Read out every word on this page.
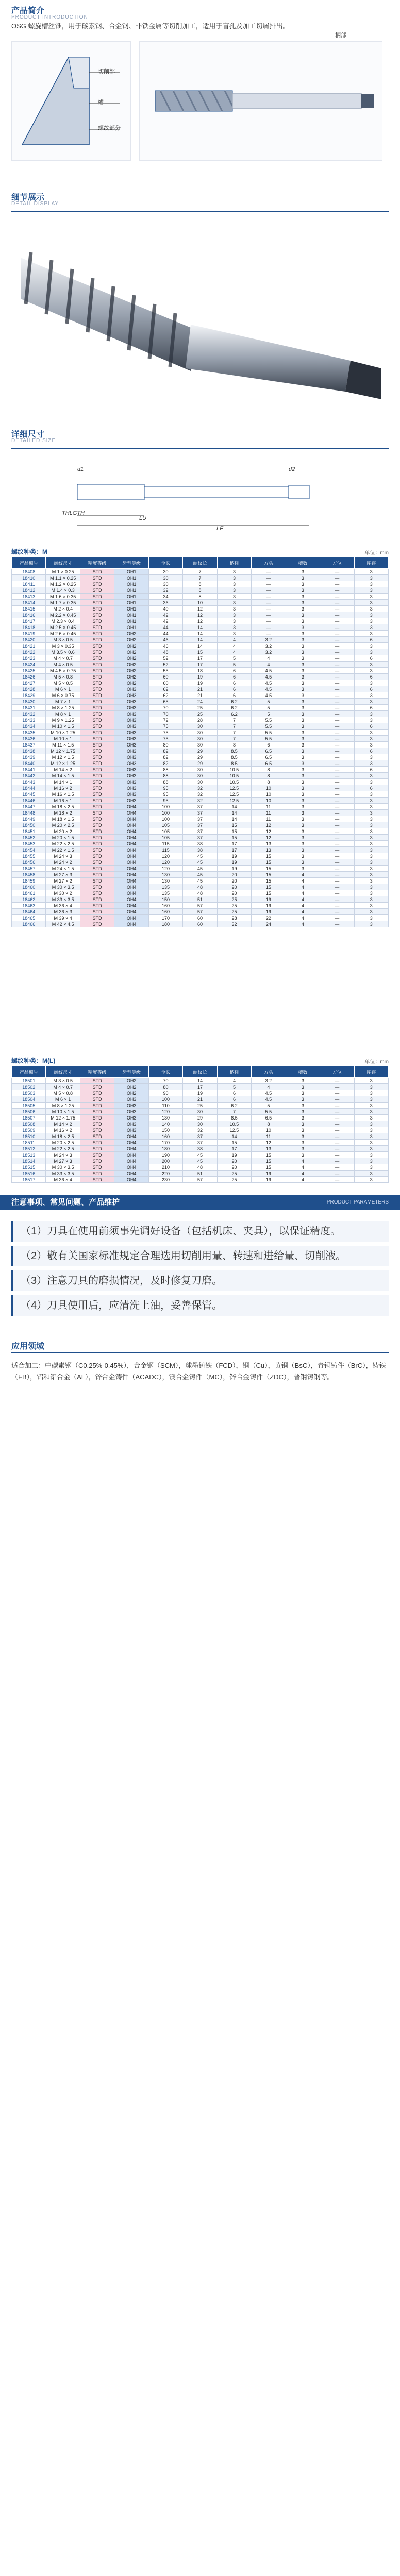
产品简介
PRODUCT INTRODUCTION
OSG 螺旋槽丝锥，用于碳素钢、合金钢、非铁金属等切削加工，适用于盲孔及加工切屑排出。
切削部
槽
螺纹部分
柄部
细节展示
DETAIL DISPLAY
详细尺寸
DETAILED SIZE
d1
THLGTH
LU
LF
d2
螺纹种类：M	单位：mm
产品编号	螺纹尺寸	精度等级	牙型等级	全长	螺纹长	柄径	方头	槽数	方位	库存
18408	M 1 × 0.25	STD	OH1	30	7	3	—	3	—	3
18410	M 1.1 × 0.25	STD	OH1	30	7	3	—	3	—	3
18411	M 1.2 × 0.25	STD	OH1	30	8	3	—	3	—	3
18412	M 1.4 × 0.3	STD	OH1	32	8	3	—	3	—	3
18413	M 1.6 × 0.35	STD	OH1	34	8	3	—	3	—	3
18414	M 1.7 × 0.35	STD	OH1	36	10	3	—	3	—	3
18415	M 2 × 0.4	STD	OH1	40	12	3	—	3	—	3
18416	M 2.2 × 0.45	STD	OH1	42	12	3	—	3	—	3
18417	M 2.3 × 0.4	STD	OH1	42	12	3	—	3	—	3
18418	M 2.5 × 0.45	STD	OH1	44	14	3	—	3	—	3
18419	M 2.6 × 0.45	STD	OH2	44	14	3	—	3	—	3
18420	M 3 × 0.5	STD	OH2	46	14	4	3.2	3	—	6
18421	M 3 × 0.35	STD	OH2	46	14	4	3.2	3	—	3
18422	M 3.5 × 0.6	STD	OH2	48	15	4	3.2	3	—	3
18423	M 4 × 0.7	STD	OH2	52	17	5	4	3	—	6
18424	M 4 × 0.5	STD	OH2	52	17	5	4	3	—	3
18425	M 4.5 × 0.75	STD	OH2	55	18	6	4.5	3	—	3
18426	M 5 × 0.8	STD	OH2	60	19	6	4.5	3	—	6
18427	M 5 × 0.5	STD	OH2	60	19	6	4.5	3	—	3
18428	M 6 × 1	STD	OH3	62	21	6	4.5	3	—	6
18429	M 6 × 0.75	STD	OH3	62	21	6	4.5	3	—	3
18430	M 7 × 1	STD	OH3	65	24	6.2	5	3	—	3
18431	M 8 × 1.25	STD	OH3	70	25	6.2	5	3	—	6
18432	M 8 × 1	STD	OH3	70	25	6.2	5	3	—	3
18433	M 9 × 1.25	STD	OH3	72	28	7	5.5	3	—	3
18434	M 10 × 1.5	STD	OH3	75	30	7	5.5	3	—	6
18435	M 10 × 1.25	STD	OH3	75	30	7	5.5	3	—	3
18436	M 10 × 1	STD	OH3	75	30	7	5.5	3	—	3
18437	M 11 × 1.5	STD	OH3	80	30	8	6	3	—	3
18438	M 12 × 1.75	STD	OH3	82	29	8.5	6.5	3	—	6
18439	M 12 × 1.5	STD	OH3	82	29	8.5	6.5	3	—	3
18440	M 12 × 1.25	STD	OH3	82	29	8.5	6.5	3	—	3
18441	M 14 × 2	STD	OH3	88	30	10.5	8	3	—	6
18442	M 14 × 1.5	STD	OH3	88	30	10.5	8	3	—	3
18443	M 14 × 1	STD	OH3	88	30	10.5	8	3	—	3
18444	M 16 × 2	STD	OH3	95	32	12.5	10	3	—	6
18445	M 16 × 1.5	STD	OH3	95	32	12.5	10	3	—	3
18446	M 16 × 1	STD	OH3	95	32	12.5	10	3	—	3
18447	M 18 × 2.5	STD	OH4	100	37	14	11	3	—	3
18448	M 18 × 2	STD	OH4	100	37	14	11	3	—	3
18449	M 18 × 1.5	STD	OH4	100	37	14	11	3	—	3
18450	M 20 × 2.5	STD	OH4	105	37	15	12	3	—	3
18451	M 20 × 2	STD	OH4	105	37	15	12	3	—	3
18452	M 20 × 1.5	STD	OH4	105	37	15	12	3	—	3
18453	M 22 × 2.5	STD	OH4	115	38	17	13	3	—	3
18454	M 22 × 1.5	STD	OH4	115	38	17	13	3	—	3
18455	M 24 × 3	STD	OH4	120	45	19	15	3	—	3
18456	M 24 × 2	STD	OH4	120	45	19	15	3	—	3
18457	M 24 × 1.5	STD	OH4	120	45	19	15	3	—	3
18458	M 27 × 3	STD	OH4	130	45	20	15	4	—	3
18459	M 27 × 2	STD	OH4	130	45	20	15	4	—	3
18460	M 30 × 3.5	STD	OH4	135	48	20	15	4	—	3
18461	M 30 × 2	STD	OH4	135	48	20	15	4	—	3
18462	M 33 × 3.5	STD	OH4	150	51	25	19	4	—	3
18463	M 36 × 4	STD	OH4	160	57	25	19	4	—	3
18464	M 36 × 3	STD	OH4	160	57	25	19	4	—	3
18465	M 39 × 4	STD	OH4	170	60	28	22	4	—	3
18466	M 42 × 4.5	STD	OH4	180	60	32	24	4	—	3
螺纹种类：M(L)	单位：mm
产品编号	螺纹尺寸	精度等级	牙型等级	全长	螺纹长	柄径	方头	槽数	方位	库存
18501	M 3 × 0.5	STD	OH2	70	14	4	3.2	3	—	3
18502	M 4 × 0.7	STD	OH2	80	17	5	4	3	—	3
18503	M 5 × 0.8	STD	OH2	90	19	6	4.5	3	—	3
18504	M 6 × 1	STD	OH3	100	21	6	4.5	3	—	3
18505	M 8 × 1.25	STD	OH3	110	25	6.2	5	3	—	3
18506	M 10 × 1.5	STD	OH3	120	30	7	5.5	3	—	3
18507	M 12 × 1.75	STD	OH3	130	29	8.5	6.5	3	—	3
18508	M 14 × 2	STD	OH3	140	30	10.5	8	3	—	3
18509	M 16 × 2	STD	OH3	150	32	12.5	10	3	—	3
18510	M 18 × 2.5	STD	OH4	160	37	14	11	3	—	3
18511	M 20 × 2.5	STD	OH4	170	37	15	12	3	—	3
18512	M 22 × 2.5	STD	OH4	180	38	17	13	3	—	3
18513	M 24 × 3	STD	OH4	190	45	19	15	3	—	3
18514	M 27 × 3	STD	OH4	200	45	20	15	4	—	3
18515	M 30 × 3.5	STD	OH4	210	48	20	15	4	—	3
18516	M 33 × 3.5	STD	OH4	220	51	25	19	4	—	3
18517	M 36 × 4	STD	OH4	230	57	25	19	4	—	3
注意事项、常见问题、产品维护	PRODUCT PARAMETERS
（1）刀具在使用前须事先调好设备（包括机床、夹具），以保证精度。
（2）敬有关国家标准规定合理选用切削用量、转速和进给量、切削液。
（3）注意刀具的磨损情况，及时修复刀磨。
（4）刀具使用后，应清洗上油，妥善保管。
应用领域
适合加工：中碳素钢（C0.25%-0.45%），合金钢（SCM），球墨铸铁（FCD），铜（Cu），黄铜（BsC），青铜铸件（BrC），铸铁（FB），铝和铝合金（AL），锌合金铸件（ACADC），镁合金铸件（MC），锌合金铸件（ZDC），普钢铸钢等。
